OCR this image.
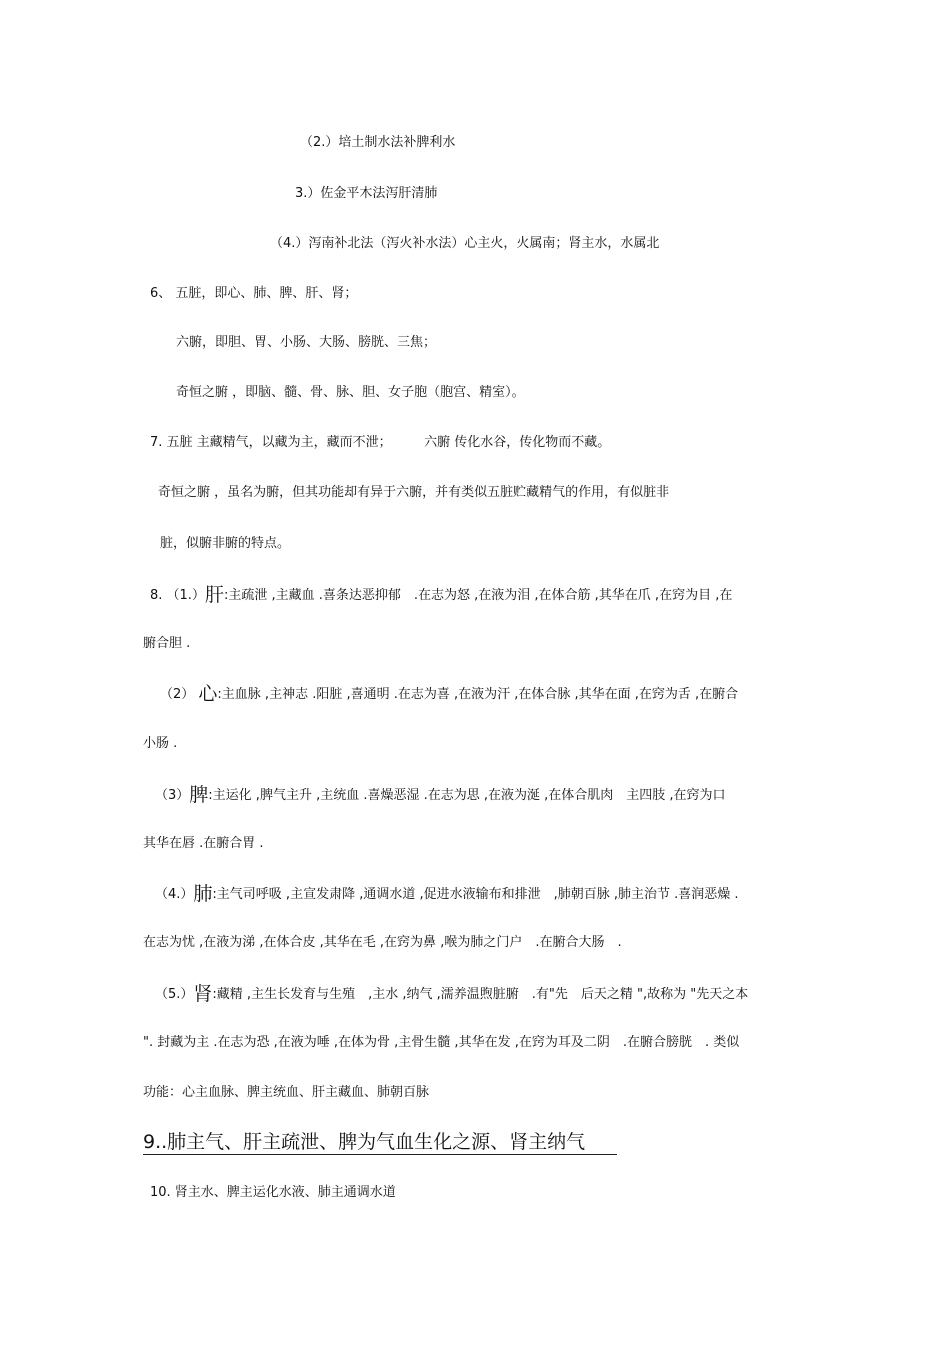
（2.）培土制水法补脾利水
3.）佐金平木法泻肝清肺
（4.）泻南补北法（泻火补水法）心主火，火属南；肾主水，水属北
6、 五脏，即心、肺、脾、肝、肾；
六腑，即胆、胃、小肠、大肠、膀胱、三焦；
奇恒之腑 ，即脑、髓、骨、脉、胆、女子胞（胞宫、精室）。
7. 五脏 主藏精气，以藏为主，藏而不泄；　　　六腑 传化水谷，传化物而不藏。
奇恒之腑 ，虽名为腑，但其功能却有异于六腑，并有类似五脏贮藏精气的作用，有似脏非
脏，似腑非腑的特点。
8. （1.）肝:主疏泄 ,主藏血 .喜条达恶抑郁　.在志为怒 ,在液为泪 ,在体合筋 ,其华在爪 ,在窍为目 ,在
腑合胆 .
（2） 心:主血脉 ,主神志 .阳脏 ,喜通明 .在志为喜 ,在液为汗 ,在体合脉 ,其华在面 ,在窍为舌 ,在腑合
小肠 .
（3）脾:主运化 ,脾气主升 ,主统血 .喜燥恶湿 .在志为思 ,在液为涎 ,在体合肌肉　主四肢 ,在窍为口
其华在唇 .在腑合胃 .
（4.）肺:主气司呼吸 ,主宣发肃降 ,通调水道 ,促进水液输布和排泄　,肺朝百脉 ,肺主治节 .喜润恶燥 .
在志为忧 ,在液为涕 ,在体合皮 ,其华在毛 ,在窍为鼻 ,喉为肺之门户　.在腑合大肠　.
（5.）肾:藏精 ,主生长发育与生殖　,主水 ,纳气 ,濡养温煦脏腑　.有"先　后天之精 ",故称为 "先天之本
". 封藏为主 .在志为恐 ,在液为唾 ,在体为骨 ,主骨生髓 ,其华在发 ,在窍为耳及二阴　.在腑合膀胱　. 类似
功能：心主血脉、脾主统血、肝主藏血、肺朝百脉
9..肺主气、肝主疏泄、脾为气血生化之源、肾主纳气
10. 肾主水、脾主运化水液、肺主通调水道
